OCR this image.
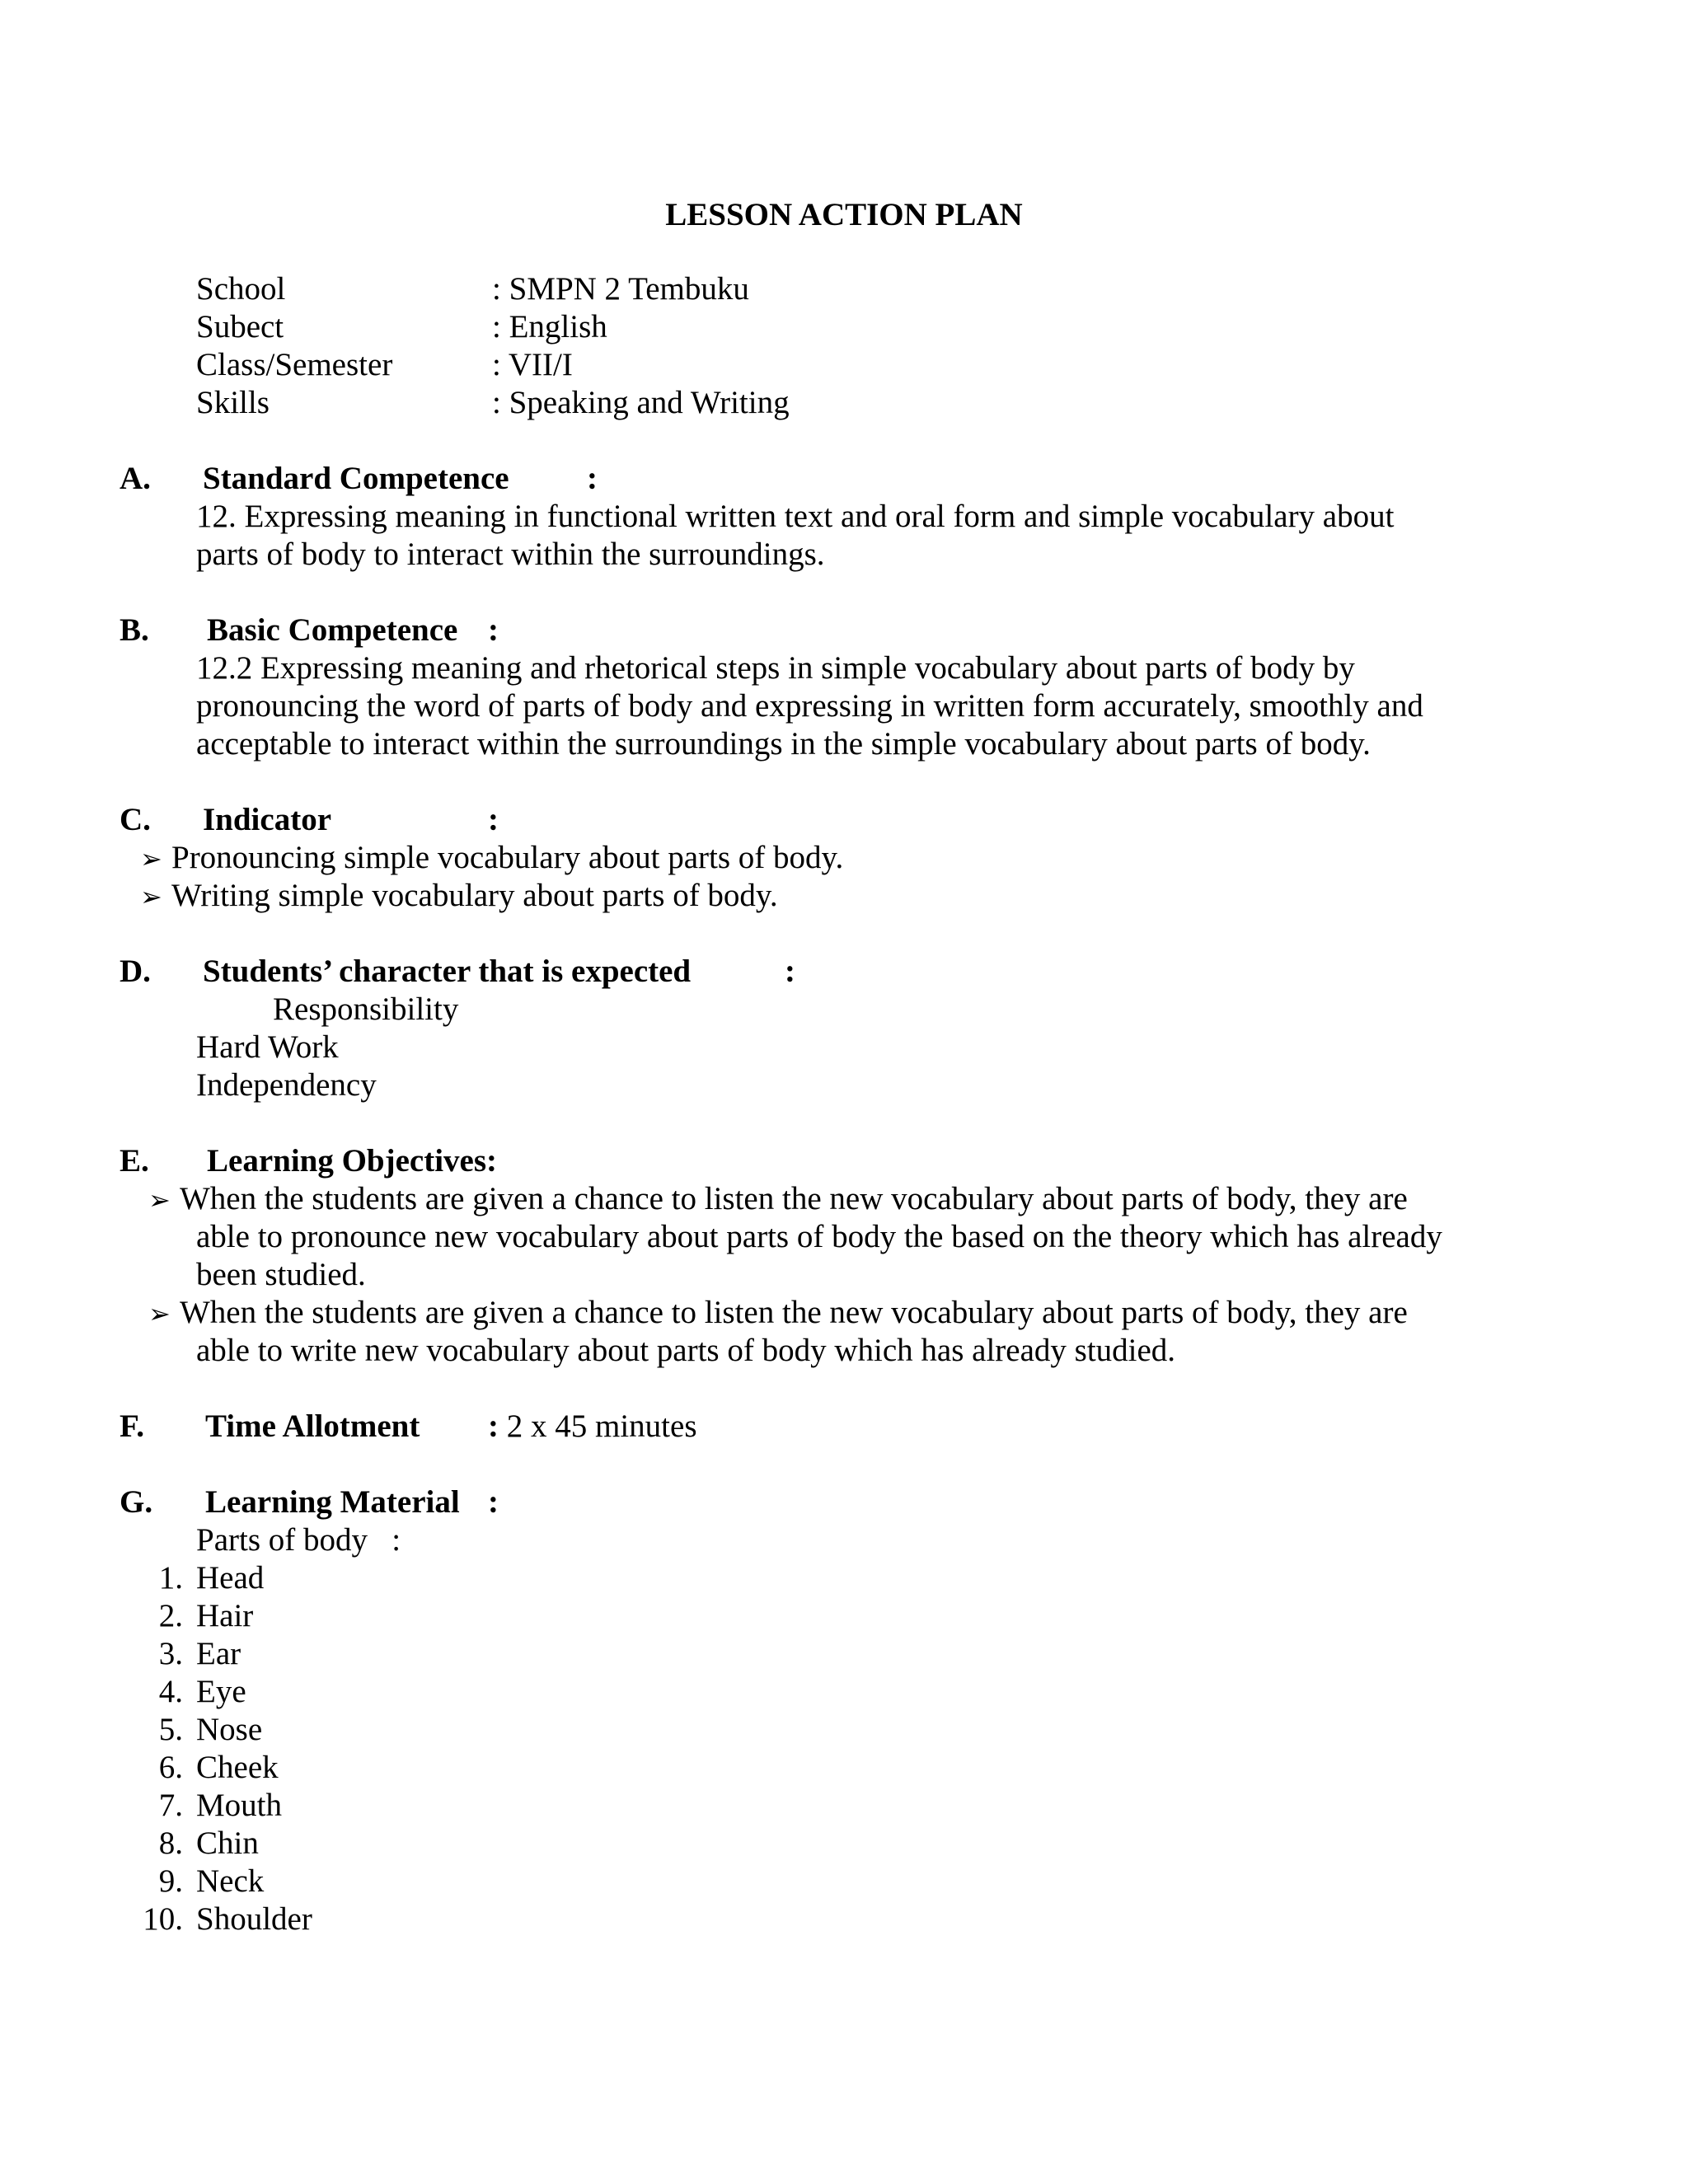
LESSON ACTION PLAN
School	: SMPN 2 Tembuku
Subect	: English
Class/Semester	: VII/I
Skills	: Speaking and Writing
A. Standard Competence :
12. Expressing meaning in functional written text and oral form and simple vocabulary about
parts of body to interact within the surroundings.
B. Basic Competence :
12.2 Expressing meaning and rhetorical steps in simple vocabulary about parts of body by
pronouncing the word of parts of body and expressing in written form accurately, smoothly and
acceptable to interact within the surroundings in the simple vocabulary about parts of body.
C. Indicator	:
➢ Pronouncing simple vocabulary about parts of body.
➢ Writing simple vocabulary about parts of body.
D. Students’ character that is expected	:
Responsibility
Hard Work
Independency
E. Learning Objectives:
➢ When the students are given a chance to listen the new vocabulary about parts of body, they are
able to pronounce new vocabulary about parts of body the based on the theory which has already
been studied.
➢ When the students are given a chance to listen the new vocabulary about parts of body, they are
able to write new vocabulary about parts of body which has already studied.
F. Time Allotment : 2 x 45 minutes
G. Learning Material :
Parts of body   :
1. Head
2. Hair
3. Ear
4. Eye
5. Nose
6. Cheek
7. Mouth
8. Chin
9. Neck
10. Shoulder
